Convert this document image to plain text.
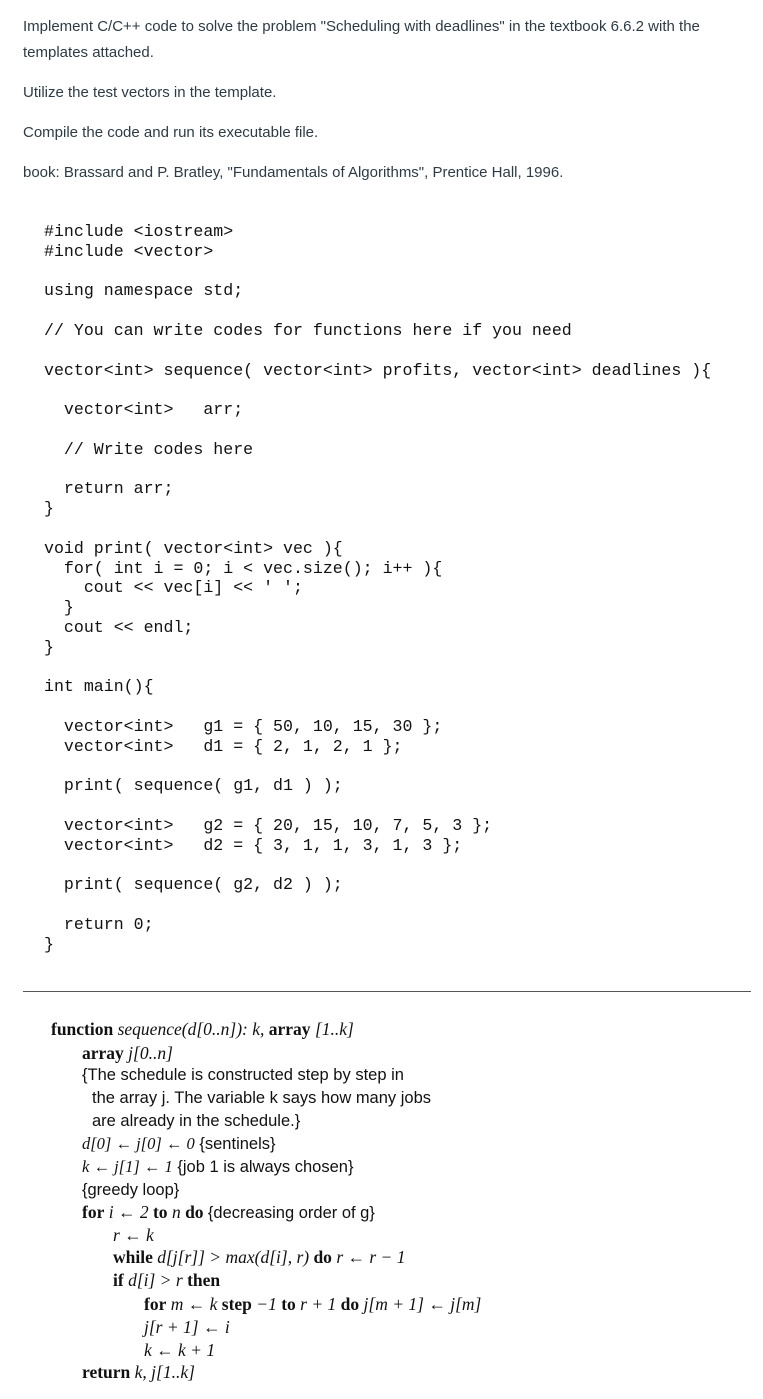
Implement C/C++ code to solve the problem "Scheduling with deadlines" in the textbook 6.6.2 with the

templates attached.

Utilize the test vectors in the template.

Compile the code and run its executable file.

book: Brassard and P. Bratley, "Fundamentals of Algorithms", Prentice Hall, 1996.

#include <iostream>
#include <vector>

using namespace std;

// You can write codes for functions here if you need

vector<int> sequence( vector<int> profits, vector<int> deadlines ){

vector<int>   arr;

// Write codes here

return arr;
}

void print( vector<int> vec ){
for( int i = 0; i < vec.size(); i++ ){
cout << vec[i] << ' ';
}
cout << endl;
}

int main(){

vector<int>   g1 = { 50, 10, 15, 30 };
vector<int>   d1 = { 2, 1, 2, 1 };

print( sequence( g1, d1 ) );

vector<int>   g2 = { 20, 15, 10, 7, 5, 3 };
vector<int>   d2 = { 3, 1, 1, 3, 1, 3 };

print( sequence( g2, d2 ) );

return 0;
}
function sequence(d[0..n]): k, array [1..k]
array j[0..n]
{The schedule is constructed step by step in
the array j. The variable k says how many jobs
are already in the schedule.}
d[0] ← j[0] ← 0 {sentinels}
k ← j[1] ← 1 {job 1 is always chosen}
{greedy loop}
for i ← 2 to n do {decreasing order of g}
r ← k
while d[j[r]] > max(d[i], r) do r ← r − 1
if d[i] > r then
for m ← k step −1 to r + 1 do j[m + 1] ← j[m]
j[r + 1] ← i
k ← k + 1
return k, j[1..k]
